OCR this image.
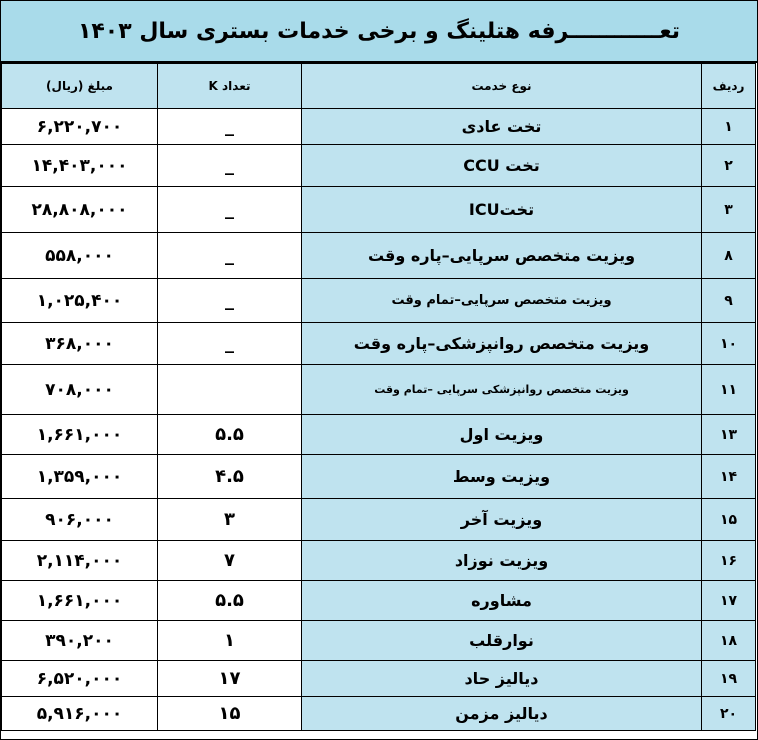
تعــــــــــــرفه هتلینگ و برخی خدمات بستری سال ۱۴۰۳
ردیف	نوع خدمت	تعداد K	مبلغ (ریال)
۱	تخت عادی	_	۶,۲۲۰,۷۰۰
۲	تخت CCU	_	۱۴,۴۰۳,۰۰۰
۳	تختICU	_	۲۸,۸۰۸,۰۰۰
۸	ویزیت متخصص سرپایی–پاره وقت	_	۵۵۸,۰۰۰
۹	ویزیت متخصص سرپایی–تمام وقت	_	۱,۰۲۵,۴۰۰
۱۰	ویزیت متخصص روانپزشکی–پاره وقت	_	۳۶۸,۰۰۰
۱۱	ویزیت متخصص روانپزشکی سرپایی –تمام وقت		۷۰۸,۰۰۰
۱۳	ویزیت اول	۵.۵	۱,۶۶۱,۰۰۰
۱۴	ویزیت وسط	۴.۵	۱,۳۵۹,۰۰۰
۱۵	ویزیت آخر	۳	۹۰۶,۰۰۰
۱۶	ویزیت نوزاد	۷	۲,۱۱۴,۰۰۰
۱۷	مشاوره	۵.۵	۱,۶۶۱,۰۰۰
۱۸	نوارقلب	۱	۳۹۰,۲۰۰
۱۹	دیالیز حاد	۱۷	۶,۵۲۰,۰۰۰
۲۰	دیالیز مزمن	۱۵	۵,۹۱۶,۰۰۰
